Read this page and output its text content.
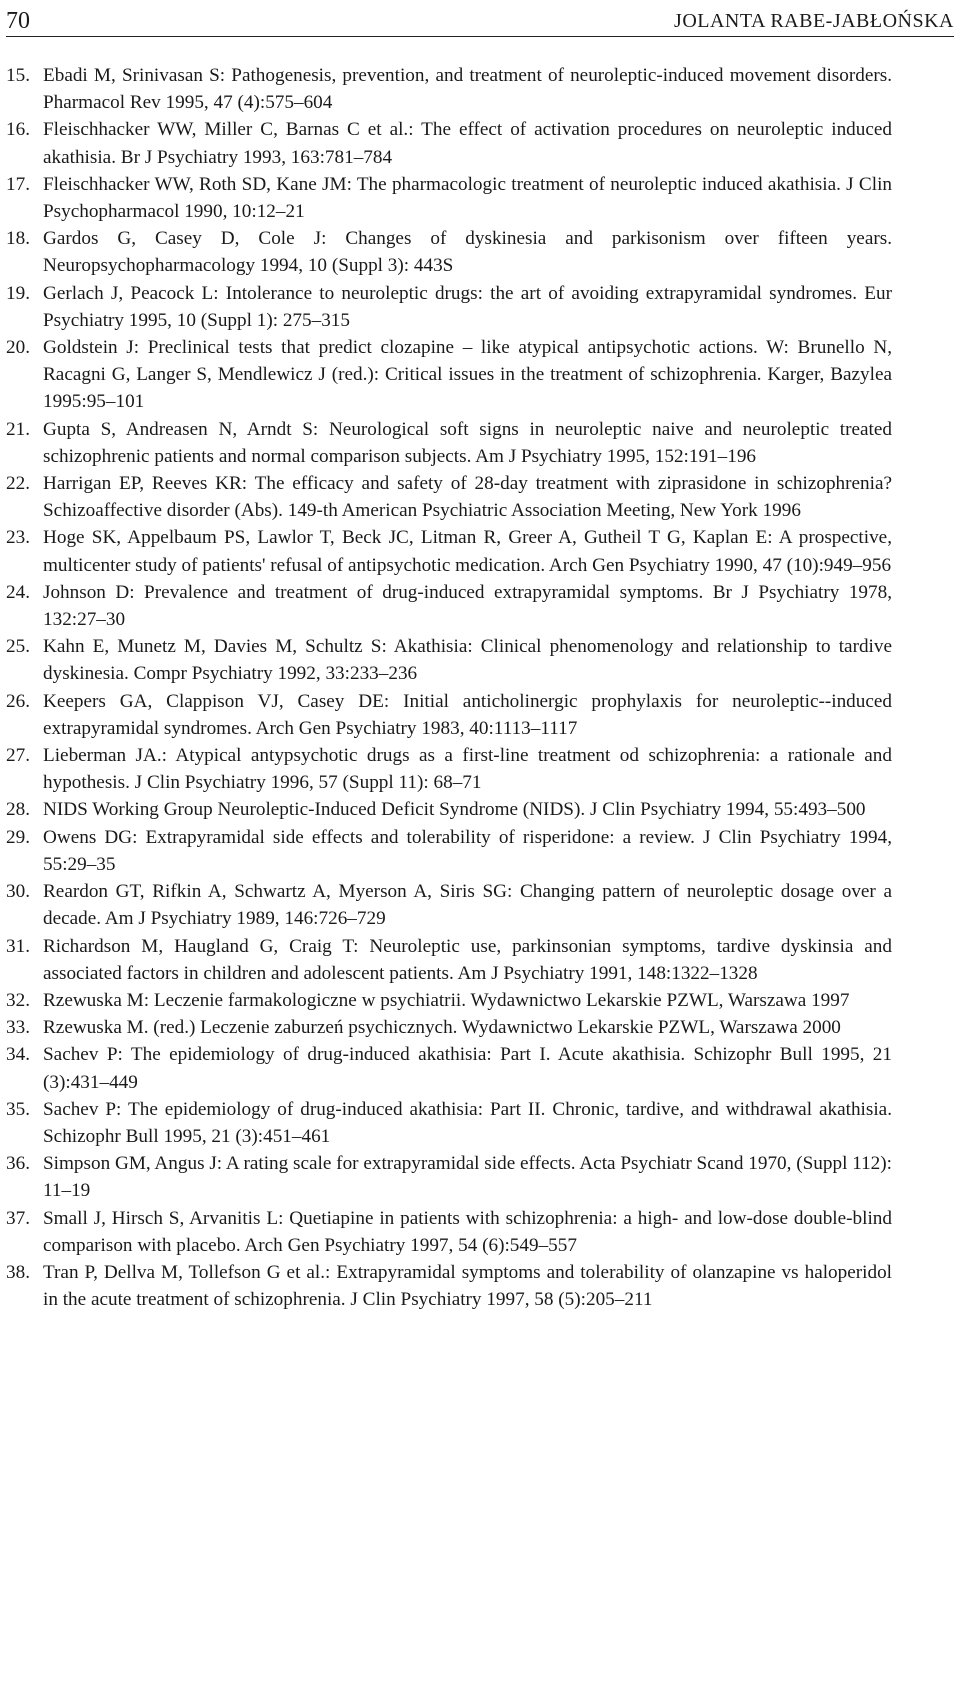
70	JOLANTA RABE-JABŁOŃSKA
15. Ebadi M, Srinivasan S: Pathogenesis, prevention, and treatment of neuroleptic-induced movement disorders. Pharmacol Rev 1995, 47 (4):575–604
16. Fleischhacker WW, Miller C, Barnas C et al.: The effect of activation procedures on neuroleptic induced akathisia. Br J Psychiatry 1993, 163:781–784
17. Fleischhacker WW, Roth SD, Kane JM: The pharmacologic treatment of neuroleptic induced akathisia. J Clin Psychopharmacol 1990, 10:12–21
18. Gardos G, Casey D, Cole J: Changes of dyskinesia and parkisonism over fifteen years. Neuropsychopharmacology 1994, 10 (Suppl 3): 443S
19. Gerlach J, Peacock L: Intolerance to neuroleptic drugs: the art of avoiding extrapyramidal syndromes. Eur Psychiatry 1995, 10 (Suppl 1): 275–315
20. Goldstein J: Preclinical tests that predict clozapine – like atypical antipsychotic actions. W: Brunello N, Racagni G, Langer S, Mendlewicz J (red.): Critical issues in the treatment of schizophrenia. Karger, Bazylea 1995:95–101
21. Gupta S, Andreasen N, Arndt S: Neurological soft signs in neuroleptic naive and neuroleptic treated schizophrenic patients and normal comparison subjects. Am J Psychiatry 1995, 152:191–196
22. Harrigan EP, Reeves KR: The efficacy and safety of 28-day treatment with ziprasidone in schizophrenia? Schizoaffective disorder (Abs). 149-th American Psychiatric Association Meeting, New York 1996
23. Hoge SK, Appelbaum PS, Lawlor T, Beck JC, Litman R, Greer A, Gutheil T G, Kaplan E: A prospective, multicenter study of patients' refusal of antipsychotic medication. Arch Gen Psychiatry 1990, 47 (10):949–956
24. Johnson D: Prevalence and treatment of drug-induced extrapyramidal symptoms. Br J Psychiatry 1978, 132:27–30
25. Kahn E, Munetz M, Davies M, Schultz S: Akathisia: Clinical phenomenology and relationship to tardive dyskinesia. Compr Psychiatry 1992, 33:233–236
26. Keepers GA, Clappison VJ, Casey DE: Initial anticholinergic prophylaxis for neuroleptic--induced extrapyramidal syndromes. Arch Gen Psychiatry 1983, 40:1113–1117
27. Lieberman JA.: Atypical antypsychotic drugs as a first-line treatment od schizophrenia: a rationale and hypothesis. J Clin Psychiatry 1996, 57 (Suppl 11): 68–71
28. NIDS Working Group Neuroleptic-Induced Deficit Syndrome (NIDS). J Clin Psychiatry 1994, 55:493–500
29. Owens DG: Extrapyramidal side effects and tolerability of risperidone: a review. J Clin Psychiatry 1994, 55:29–35
30. Reardon GT, Rifkin A, Schwartz A, Myerson A, Siris SG: Changing pattern of neuroleptic dosage over a decade. Am J Psychiatry 1989, 146:726–729
31. Richardson M, Haugland G, Craig T: Neuroleptic use, parkinsonian symptoms, tardive dyskinsia and associated factors in children and adolescent patients. Am J Psychiatry 1991, 148:1322–1328
32. Rzewuska M: Leczenie farmakologiczne w psychiatrii. Wydawnictwo Lekarskie PZWL, Warszawa 1997
33. Rzewuska M. (red.) Leczenie zaburzeń psychicznych. Wydawnictwo Lekarskie PZWL, Warszawa 2000
34. Sachev P: The epidemiology of drug-induced akathisia: Part I. Acute akathisia. Schizophr Bull 1995, 21 (3):431–449
35. Sachev P: The epidemiology of drug-induced akathisia: Part II. Chronic, tardive, and withdrawal akathisia. Schizophr Bull 1995, 21 (3):451–461
36. Simpson GM, Angus J: A rating scale for extrapyramidal side effects. Acta Psychiatr Scand 1970, (Suppl 112): 11–19
37. Small J, Hirsch S, Arvanitis L: Quetiapine in patients with schizophrenia: a high- and low-dose double-blind comparison with placebo. Arch Gen Psychiatry 1997, 54 (6):549–557
38. Tran P, Dellva M, Tollefson G et al.: Extrapyramidal symptoms and tolerability of olanzapine vs haloperidol in the acute treatment of schizophrenia. J Clin Psychiatry 1997, 58 (5):205–211
